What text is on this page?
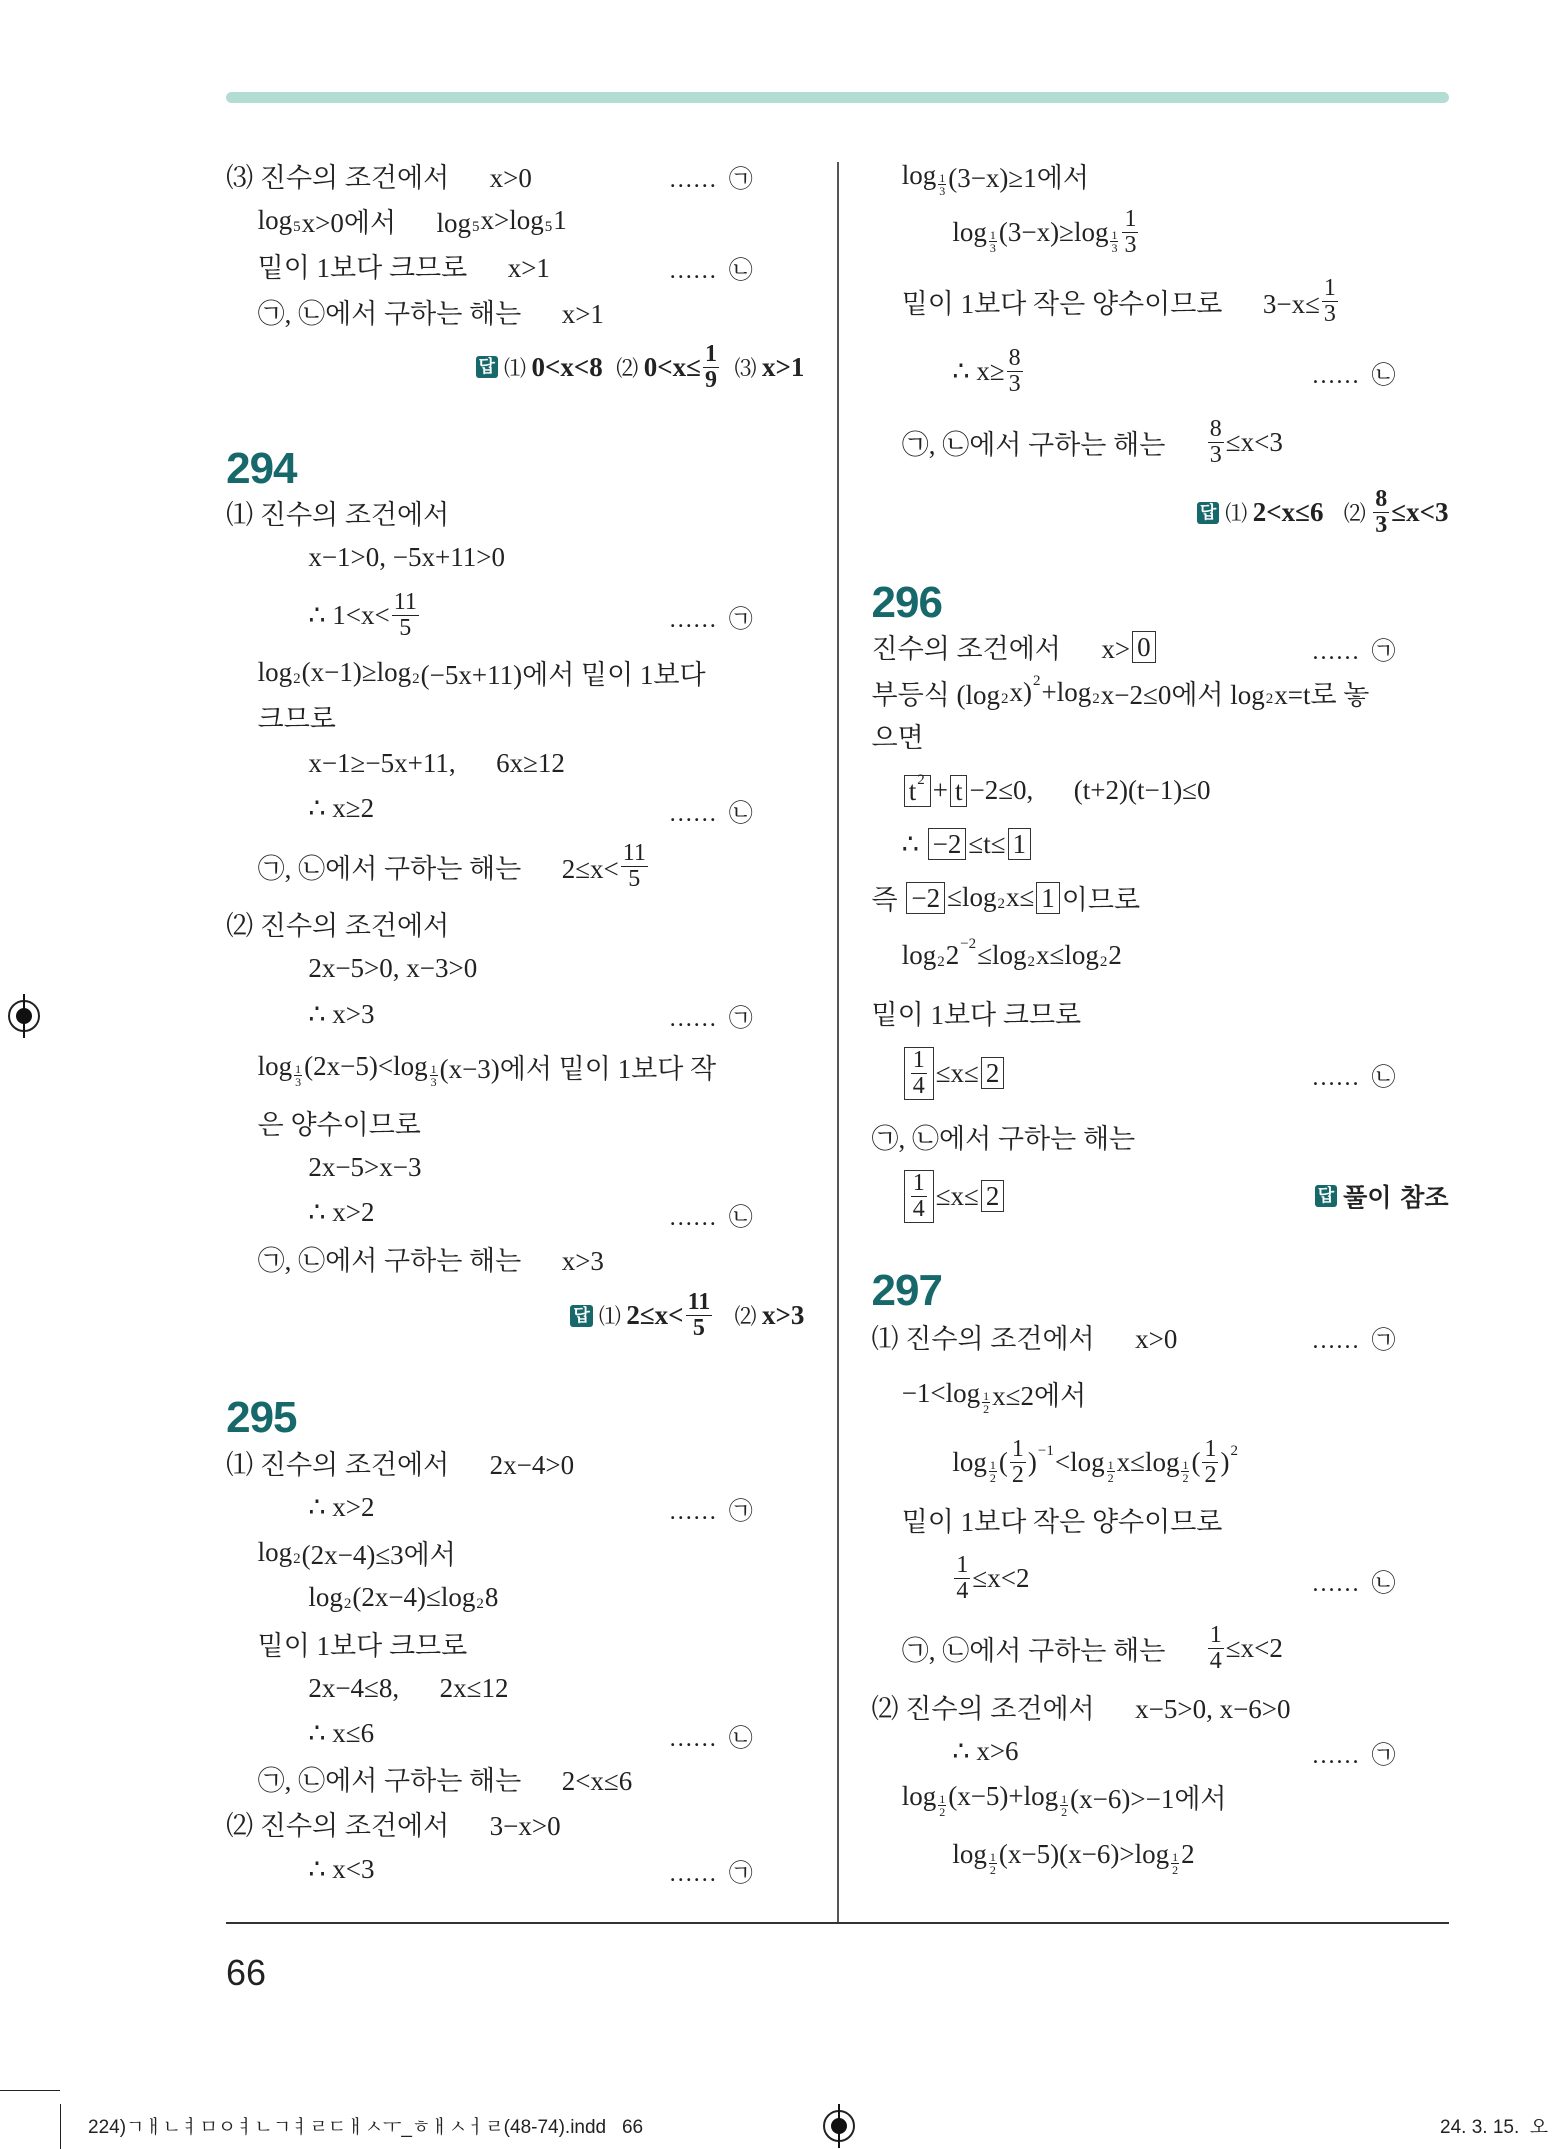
⑶ 진수의 조건에서      x>0	……  ㉠
log 5 x>0에서      log 5 x>log 5 1
밑이 1보다 크므로      x>1	……  ㉡
㉠, ㉡에서 구하는 해는      x>1
답 ⑴ 0<x<8 ⑵ $0<x\le \frac{1}{9}$
⑶ x>1
294
⑴ 진수의 조건에서
x−1>0, −5x+11>0
∴ $1<x< \frac{11}{5}$	……  ㉠
log 2 (x−1)≥log 2 (−5x+11)에서 밑이 1보다
크므로
x−1≥−5x+11,      6x≥12
∴ x≥2	……  ㉡
㉠, ㉡에서 구하는 해는      $2\le x< \frac{11}{5}$
⑵ 진수의 조건에서
2x−5>0, x−3>0
∴ x>3	……  ㉠
$\log \frac{1}{3} (2x-5)<\log \frac{1}{3} (x-3)$에서 밑이 1보다 작
은 양수이므로
2x−5>x−3
∴ x>2	……  ㉡
㉠, ㉡에서 구하는 해는      x>3
답 ⑴ $2\le x< \frac{11}{5}$
⑵ x>3
295
⑴ 진수의 조건에서      2x−4>0
∴ x>2	……  ㉠
log 2 (2x−4)≤3에서
log 2 (2x−4)≤log 2 8
밑이 1보다 크므로
2x−4≤8,      2x≤12
∴ x≤6	……  ㉡
㉠, ㉡에서 구하는 해는      2<x≤6
⑵ 진수의 조건에서      3−x>0
∴ x<3	……  ㉠
$\log \frac{1}{3} (3-x)\ge 1$에서
$\log \frac{1}{3} (3-x)\ge\log \frac{1}{3} \frac{1}{3}$
밑이 1보다 작은 양수이므로      $3-x\le \frac{1}{3}$
∴ $x\ge \frac{8}{3}$	……  ㉡
㉠, ㉡에서 구하는 해는 $\frac{8}{3} \le x<3$
답 ⑴ 2<x≤6 ⑵ $\frac{8}{3} \le x<3$
296
진수의 조건에서      x> 0	……  ㉠
부등식 (log 2 x) 2 +log 2 x−2≤0에서 log 2 x=t로 놓
으면
t 2 + t −2≤0,      (t+2)(t−1)≤0
∴ −2 ≤t≤ 1
즉 −2 ≤log 2 x≤ 1 이므로
log 2 2 −2 ≤log 2 x≤log 2 2
밑이 1보다 크므로
$\frac{1}{4} \le x\le 2$	……  ㉡
㉠, ㉡에서 구하는 해는
$\frac{1}{4} \le x\le 2$	답 풀이 참조
297
⑴ 진수의 조건에서      x>0	……  ㉠
$-1<\log \frac{1}{2} x\le 2$에서
$\log \frac{1}{2}$ ( $\frac{1}{2}$ ) $-1 <\log \frac{1}{2} x\le\log \frac{1}{2}$ ( $\frac{1}{2}$ ) 2
밑이 1보다 작은 양수이므로
$\frac{1}{4} \le x<2$	……  ㉡
㉠, ㉡에서 구하는 해는 $\frac{1}{4} \le x<2$
⑵ 진수의 조건에서      x−5>0, x−6>0
∴ x>6	……  ㉠
$\log \frac{1}{2} (x-5)+\log \frac{1}{2} (x-6)>-1$에서
$\log \frac{1}{2} (x-5)(x-6)>\log \frac{1}{2} 2$
66
224)ㄱㅐㄴㅕㅁㅇㅕㄴㄱㅕㄹㄷㅐㅅㅜ_ㅎㅐㅅㅓㄹ(48-74).indd   66	24. 3. 15.  오
